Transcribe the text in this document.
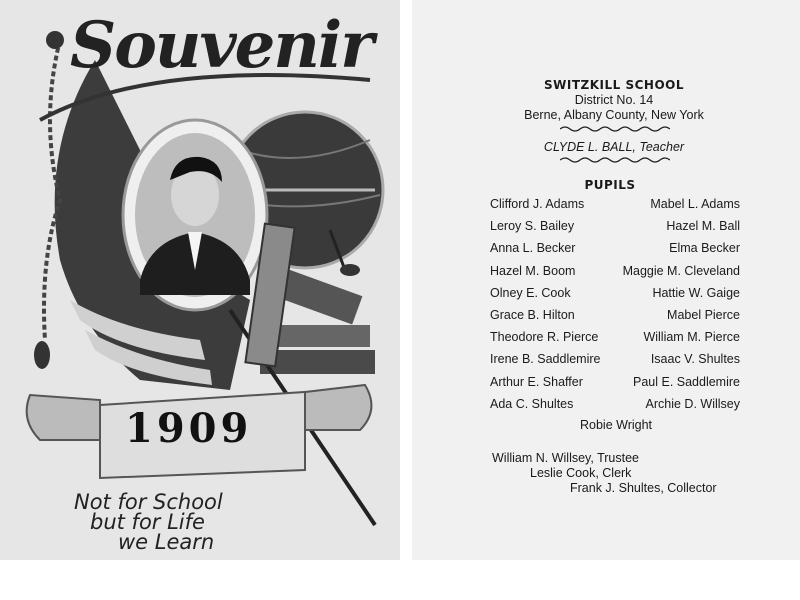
Souvenir
1909
Not for School
but for Life
we Learn
SWITZKILL SCHOOL
District No. 14
Berne, Albany County, New York
CLYDE L. BALL, Teacher
PUPILS
Clifford J. Adams	Mabel L. Adams
Leroy S. Bailey	Hazel M. Ball
Anna L. Becker	Elma Becker
Hazel M. Boom	Maggie M. Cleveland
Olney E. Cook	Hattie W. Gaige
Grace B. Hilton	Mabel Pierce
Theodore R. Pierce	William M. Pierce
Irene B. Saddlemire	Isaac V. Shultes
Arthur E. Shaffer	Paul E. Saddlemire
Ada C. Shultes	Archie D. Willsey
Robie Wright
William N. Willsey, Trustee
Leslie Cook, Clerk
Frank J. Shultes, Collector
